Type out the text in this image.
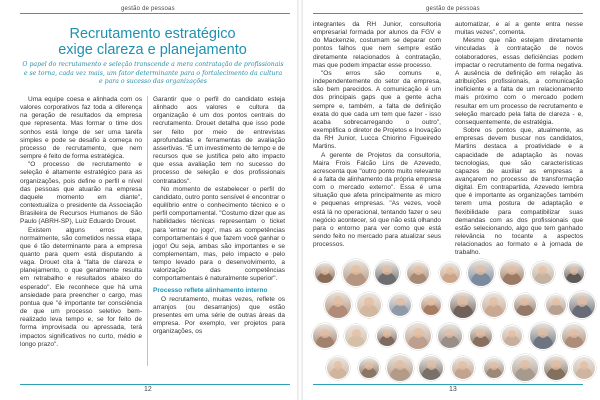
gestão de pessoas
Recrutamento estratégico
exige clareza e planejamento
O papel do recrutamento e seleção transcende a mera contratação de profissionais e se torna, cada vez mais, um fator determinante para o fortalecimento da cultura e para o sucesso das organizações

Uma equipe coesa e alinhada com os valores corporativos faz toda a diferença na geração de resultados da empresa que representa. Mas formar o time dos sonhos está longe de ser uma tarefa simples e pode se desafio à começa no processo de recrutamento, que nem sempre é feito de forma estratégica.

"O processo de recrutamento e seleção é altamente estratégico para as organizações, pois define o perfil e nível das pessoas que atuarão na empresa daquele momento em diante", contextualiza o presidente da Associação Brasileira de Recursos Humanos de São Paulo (ABRH-SP), Luiz Eduardo Drouet.

Existem alguns erros que, normalmente, são cometidos nessa etapa que é tão determinante para a empresa quanto para quem está disputando a vaga. Drouet cita à "falta de clareza e planejamento, o que geralmente resulta em retrabalho e resultados abaixo do esperado". Ele reconhece que há uma ansiedade para preencher o cargo, mas pontua que "é importante ter consciência de que um processo seletivo bem-realizado leva tempo e, se for feito de forma improvisada ou apressada, terá impactos significativos no curto, médio e longo prazo".

Garantir que o perfil do candidato esteja alinhado aos valores e cultura da organização é um dos pontos centrais do recrutamento. Drouet detalha que isso pode ser feito por meio de entrevistas aprofundadas e ferramentas de avaliação assertivas. "É um investimento de tempo e de recursos que se justifica pelo alto impacto que essa avaliação tem no sucesso do processo de seleção e dos profissionais contratados".

No momento de estabelecer o perfil do candidato, outro ponto sensível é encontrar o equilíbrio entre o conhecimento técnico e o perfil comportamental. "Costumo dizer que as habilidades técnicas representam o ticket para 'entrar no jogo', mas as competências comportamentais é que fazem você ganhar o jogo! Ou seja, ambas são importantes e se complementam, mas, pelo impacto e pelo tempo levado para o desenvolvimento, a valorização das competências comportamentais é naturalmente superior".

Processo reflete alinhamento interno

O recrutamento, muitas vezes, reflete os arranjos (ou desarranjos) que estão presentes em uma série de outras áreas da empresa. Por exemplo, ver projetos para organizações, os

12
gestão de pessoas

integrantes da RH Junior, consultoria empresarial formada por alunos da FGV e do Mackenzie, costumam se deparar com pontos falhos que nem sempre estão diretamente relacionados à contratação, mas que podem impactar esse processo.

"Os erros são comuns e, independentemente do setor da empresa, são bem parecidos. A comunicação é um dos principais gaps que a gente acha sempre e, também, a falta de definição exata do que cada um tem que fazer - isso acaba sobrecarregando o outro", exemplifica o diretor de Projetos e Inovação da RH Junior, Lucca Chiorino Figueiredo Martins.

A gerente de Projetos da consultoria, Maira Frois Falcão Lins de Azevedo, acrescenta que "outro ponto muito relevante é a falta de alinhamento da própria empresa com o mercado externo". Essa é uma situação que afeta principalmente as micro e pequenas empresas. "As vezes, você está lá no operacional, tentando fazer o seu negócio acontecer, só que não está olhando para o entorno para ver como que está sendo feito no mercado para atualizar seus processos.

automatizar, e aí a gente entra nesse muitas vezes", comenta.

Mesmo que não estejam diretamente vinculadas à contratação de novos colaboradores, essas deficiências podem impactar o recrutamento de forma negativa. A ausência de definição em relação às atribuições profissionais, a comunicação ineficiente e a falta de um relacionamento mais próximo com o mercado podem resultar em um processo de recrutamento e seleção marcado pela falta de clareza - e, consequentemente, de estratégia.

Sobre os pontos que, atualmente, as empresas devem buscar nos candidatos, Martins destaca a proatividade e a capacidade de adaptação às novas tecnologias, que são características capazes de auxiliar as empresas a avançarem no processo de transformação digital. Em contrapartida, Azevedo lembra que é importante as organizações também terem uma postura de adaptação e flexibilidade para compatibilizar suas demandas com as dos profissionais que estão selecionando, algo que tem ganhado relevância no tocante a aspectos relacionados ao formato e à jornada de trabalho.

13
